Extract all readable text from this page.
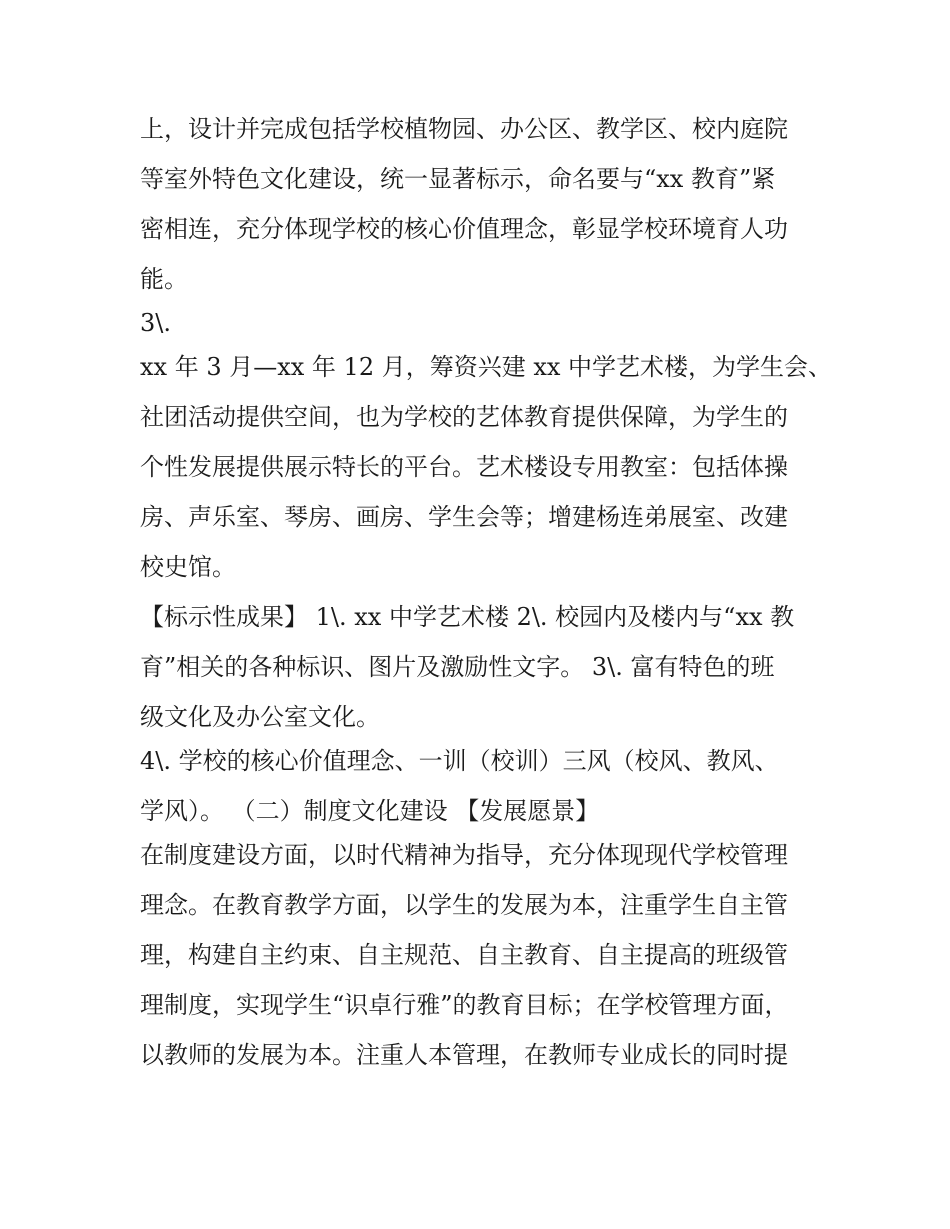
上，设计并完成包括学校植物园、办公区、教学区、校内庭院
等室外特色文化建设，统一显著标示，命名要与“xx 教育”紧
密相连，充分体现学校的核心价值理念，彰显学校环境育人功
能。
3\.
xx 年 3 月—xx 年 12 月，筹资兴建 xx 中学艺术楼，为学生会、
社团活动提供空间，也为学校的艺体教育提供保障，为学生的
个性发展提供展示特长的平台。艺术楼设专用教室：包括体操
房、声乐室、琴房、画房、学生会等；增建杨连弟展室、改建
校史馆。
【标示性成果】 1\. xx 中学艺术楼 2\. 校园内及楼内与“xx 教
育”相关的各种标识、图片及激励性文字。 3\. 富有特色的班
级文化及办公室文化。
4\. 学校的核心价值理念、一训（校训）三风（校风、教风、
学风）。 （二）制度文化建设 【发展愿景】
在制度建设方面，以时代精神为指导，充分体现现代学校管理
理念。在教育教学方面，以学生的发展为本，注重学生自主管
理，构建自主约束、自主规范、自主教育、自主提高的班级管
理制度，实现学生“识卓行雅”的教育目标；在学校管理方面，
以教师的发展为本。注重人本管理，在教师专业成长的同时提
